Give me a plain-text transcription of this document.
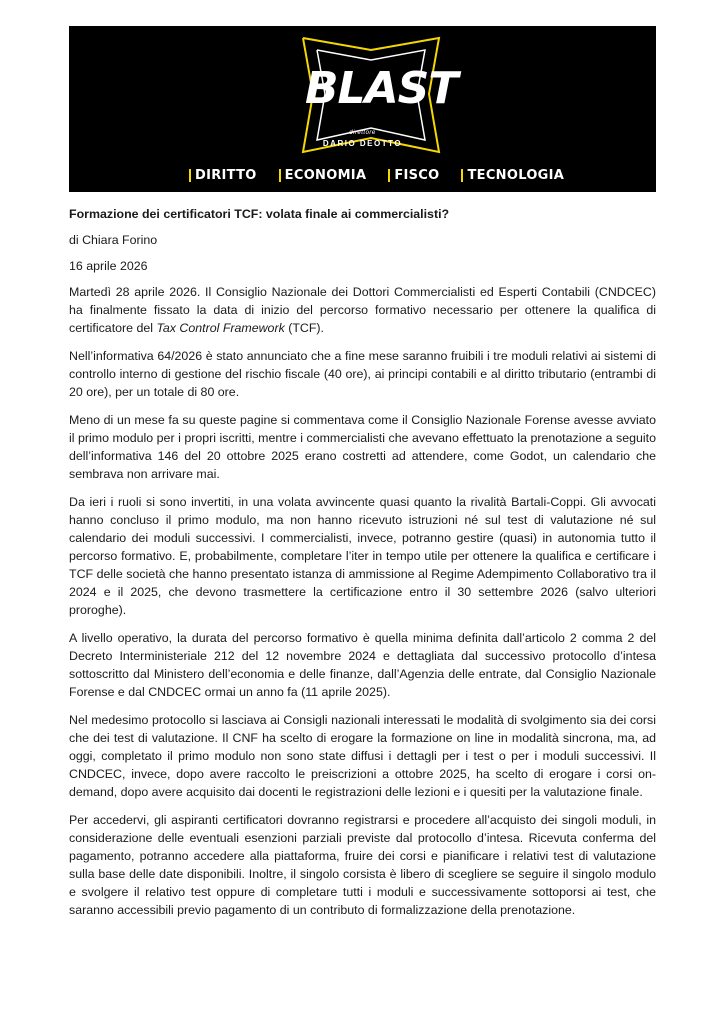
BLAST
direttore
DARIO DEOTTO
DIRITTO ECONOMIA FISCO TECNOLOGIA

Formazione dei certificatori TCF: volata finale ai commercialisti?

di Chiara Forino

16 aprile 2026

Martedì 28 aprile 2026. Il Consiglio Nazionale dei Dottori Commercialisti ed Esperti Contabili (CNDCEC) ha finalmente fissato la data di inizio del percorso formativo necessario per ottenere la qualifica di certificatore del Tax Control Framework (TCF).

Nell’informativa 64/2026 è stato annunciato che a fine mese saranno fruibili i tre moduli relativi ai sistemi di controllo interno di gestione del rischio fiscale (40 ore), ai principi contabili e al diritto tributario (entrambi di 20 ore), per un totale di 80 ore.

Meno di un mese fa su queste pagine si commentava come il Consiglio Nazionale Forense avesse avviato il primo modulo per i propri iscritti, mentre i commercialisti che avevano effettuato la prenotazione a seguito dell’informativa 146 del 20 ottobre 2025 erano costretti ad attendere, come Godot, un calendario che sembrava non arrivare mai.

Da ieri i ruoli si sono invertiti, in una volata avvincente quasi quanto la rivalità Bartali-Coppi. Gli avvocati hanno concluso il primo modulo, ma non hanno ricevuto istruzioni né sul test di valutazione né sul calendario dei moduli successivi. I commercialisti, invece, potranno gestire (quasi) in autonomia tutto il percorso formativo. E, probabilmente, completare l’iter in tempo utile per ottenere la qualifica e certificare i TCF delle società che hanno presentato istanza di ammissione al Regime Adempimento Collaborativo tra il 2024 e il 2025, che devono trasmettere la certificazione entro il 30 settembre 2026 (salvo ulteriori proroghe).

A livello operativo, la durata del percorso formativo è quella minima definita dall’articolo 2 comma 2 del Decreto Interministeriale 212 del 12 novembre 2024 e dettagliata dal successivo protocollo d’intesa sottoscritto dal Ministero dell’economia e delle finanze, dall’Agenzia delle entrate, dal Consiglio Nazionale Forense e dal CNDCEC ormai un anno fa (11 aprile 2025).

Nel medesimo protocollo si lasciava ai Consigli nazionali interessati le modalità di svolgimento sia dei corsi che dei test di valutazione. Il CNF ha scelto di erogare la formazione on line in modalità sincrona, ma, ad oggi, completato il primo modulo non sono state diffusi i dettagli per i test o per i moduli successivi. Il CNDCEC, invece, dopo avere raccolto le preiscrizioni a ottobre 2025, ha scelto di erogare i corsi on-demand, dopo avere acquisito dai docenti le registrazioni delle lezioni e i quesiti per la valutazione finale.

Per accedervi, gli aspiranti certificatori dovranno registrarsi e procedere all’acquisto dei singoli moduli, in considerazione delle eventuali esenzioni parziali previste dal protocollo d’intesa. Ricevuta conferma del pagamento, potranno accedere alla piattaforma, fruire dei corsi e pianificare i relativi test di valutazione sulla base delle date disponibili. Inoltre, il singolo corsista è libero di scegliere se seguire il singolo modulo e svolgere il relativo test oppure di completare tutti i moduli e successivamente sottoporsi ai test, che saranno accessibili previo pagamento di un contributo di formalizzazione della prenotazione.
